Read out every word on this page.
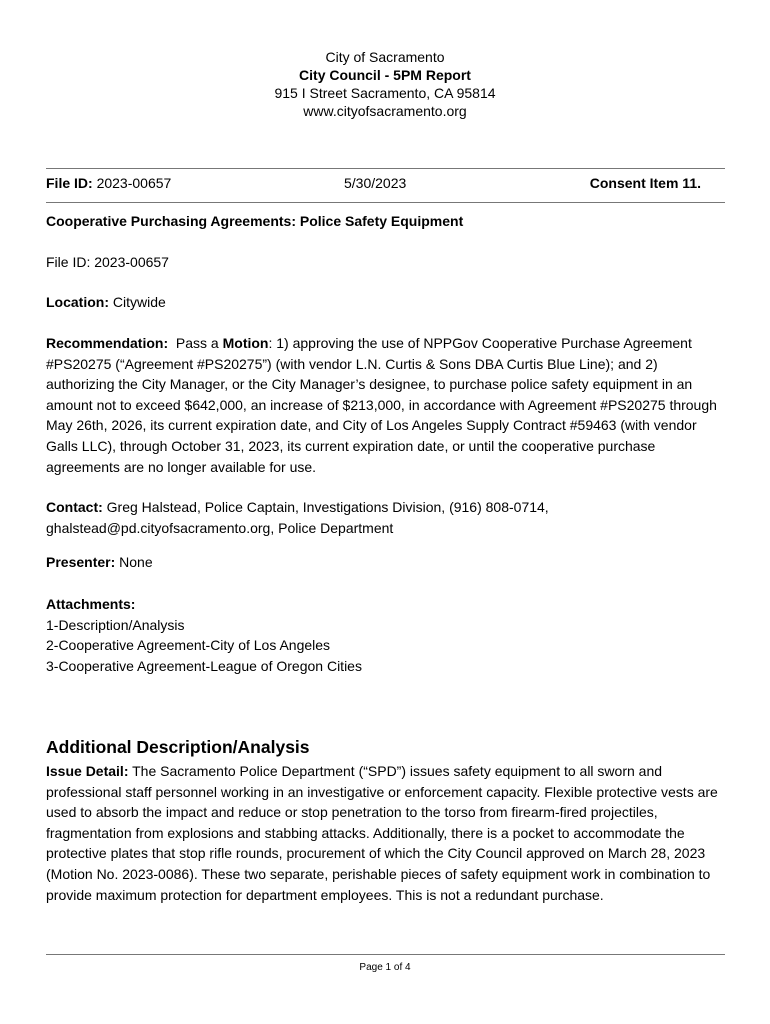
City of Sacramento
City Council - 5PM Report
915 I Street Sacramento, CA 95814
www.cityofsacramento.org
File ID: 2023-00657	5/30/2023	Consent Item 11.
Cooperative Purchasing Agreements: Police Safety Equipment
File ID: 2023-00657
Location: Citywide
Recommendation: Pass a Motion: 1) approving the use of NPPGov Cooperative Purchase Agreement #PS20275 (“Agreement #PS20275”) (with vendor L.N. Curtis & Sons DBA Curtis Blue Line); and 2) authorizing the City Manager, or the City Manager’s designee, to purchase police safety equipment in an amount not to exceed $642,000, an increase of $213,000, in accordance with Agreement #PS20275 through May 26th, 2026, its current expiration date, and City of Los Angeles Supply Contract #59463 (with vendor Galls LLC), through October 31, 2023, its current expiration date, or until the cooperative purchase agreements are no longer available for use.
Contact: Greg Halstead, Police Captain, Investigations Division, (916) 808-0714, ghalstead@pd.cityofsacramento.org, Police Department
Presenter: None
Attachments:
1-Description/Analysis
2-Cooperative Agreement-City of Los Angeles
3-Cooperative Agreement-League of Oregon Cities
Additional Description/Analysis
Issue Detail: The Sacramento Police Department (“SPD”) issues safety equipment to all sworn and professional staff personnel working in an investigative or enforcement capacity. Flexible protective vests are used to absorb the impact and reduce or stop penetration to the torso from firearm-fired projectiles, fragmentation from explosions and stabbing attacks. Additionally, there is a pocket to accommodate the protective plates that stop rifle rounds, procurement of which the City Council approved on March 28, 2023 (Motion No. 2023-0086). These two separate, perishable pieces of safety equipment work in combination to provide maximum protection for department employees. This is not a redundant purchase.
Page 1 of 4
